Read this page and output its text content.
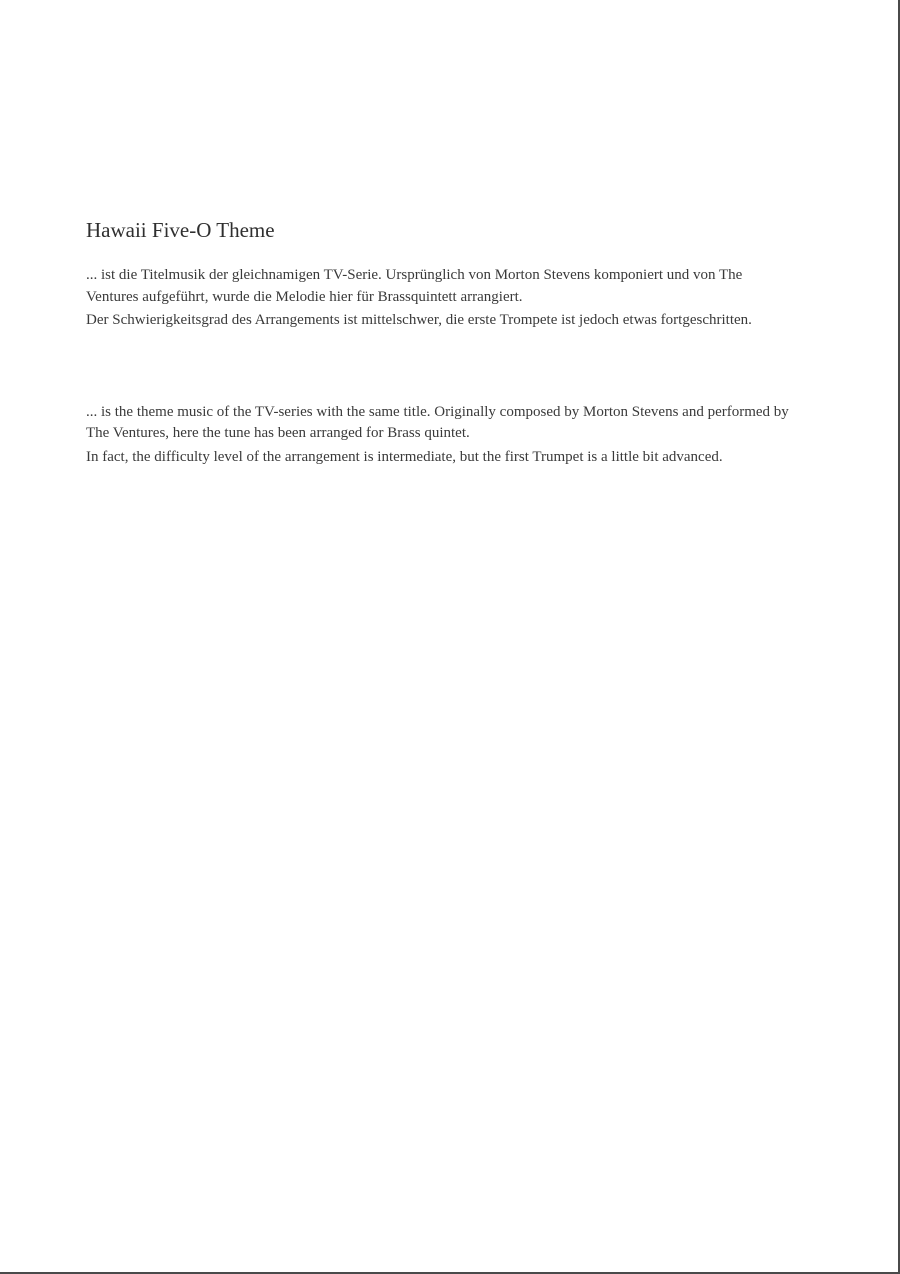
Hawaii Five-O Theme

... ist die Titelmusik der gleichnamigen TV-Serie. Ursprünglich von Morton Stevens komponiert und von The Ventures aufgeführt, wurde die Melodie hier für Brassquintett arrangiert.

Der Schwierigkeitsgrad des Arrangements ist mittelschwer, die erste Trompete ist jedoch etwas fortgeschritten.

... is the theme music of the TV-series with the same title. Originally composed by Morton Stevens and performed by The Ventures, here the tune has been arranged for Brass quintet.

In fact, the difficulty level of the arrangement is intermediate, but the first Trumpet is a little bit advanced.
